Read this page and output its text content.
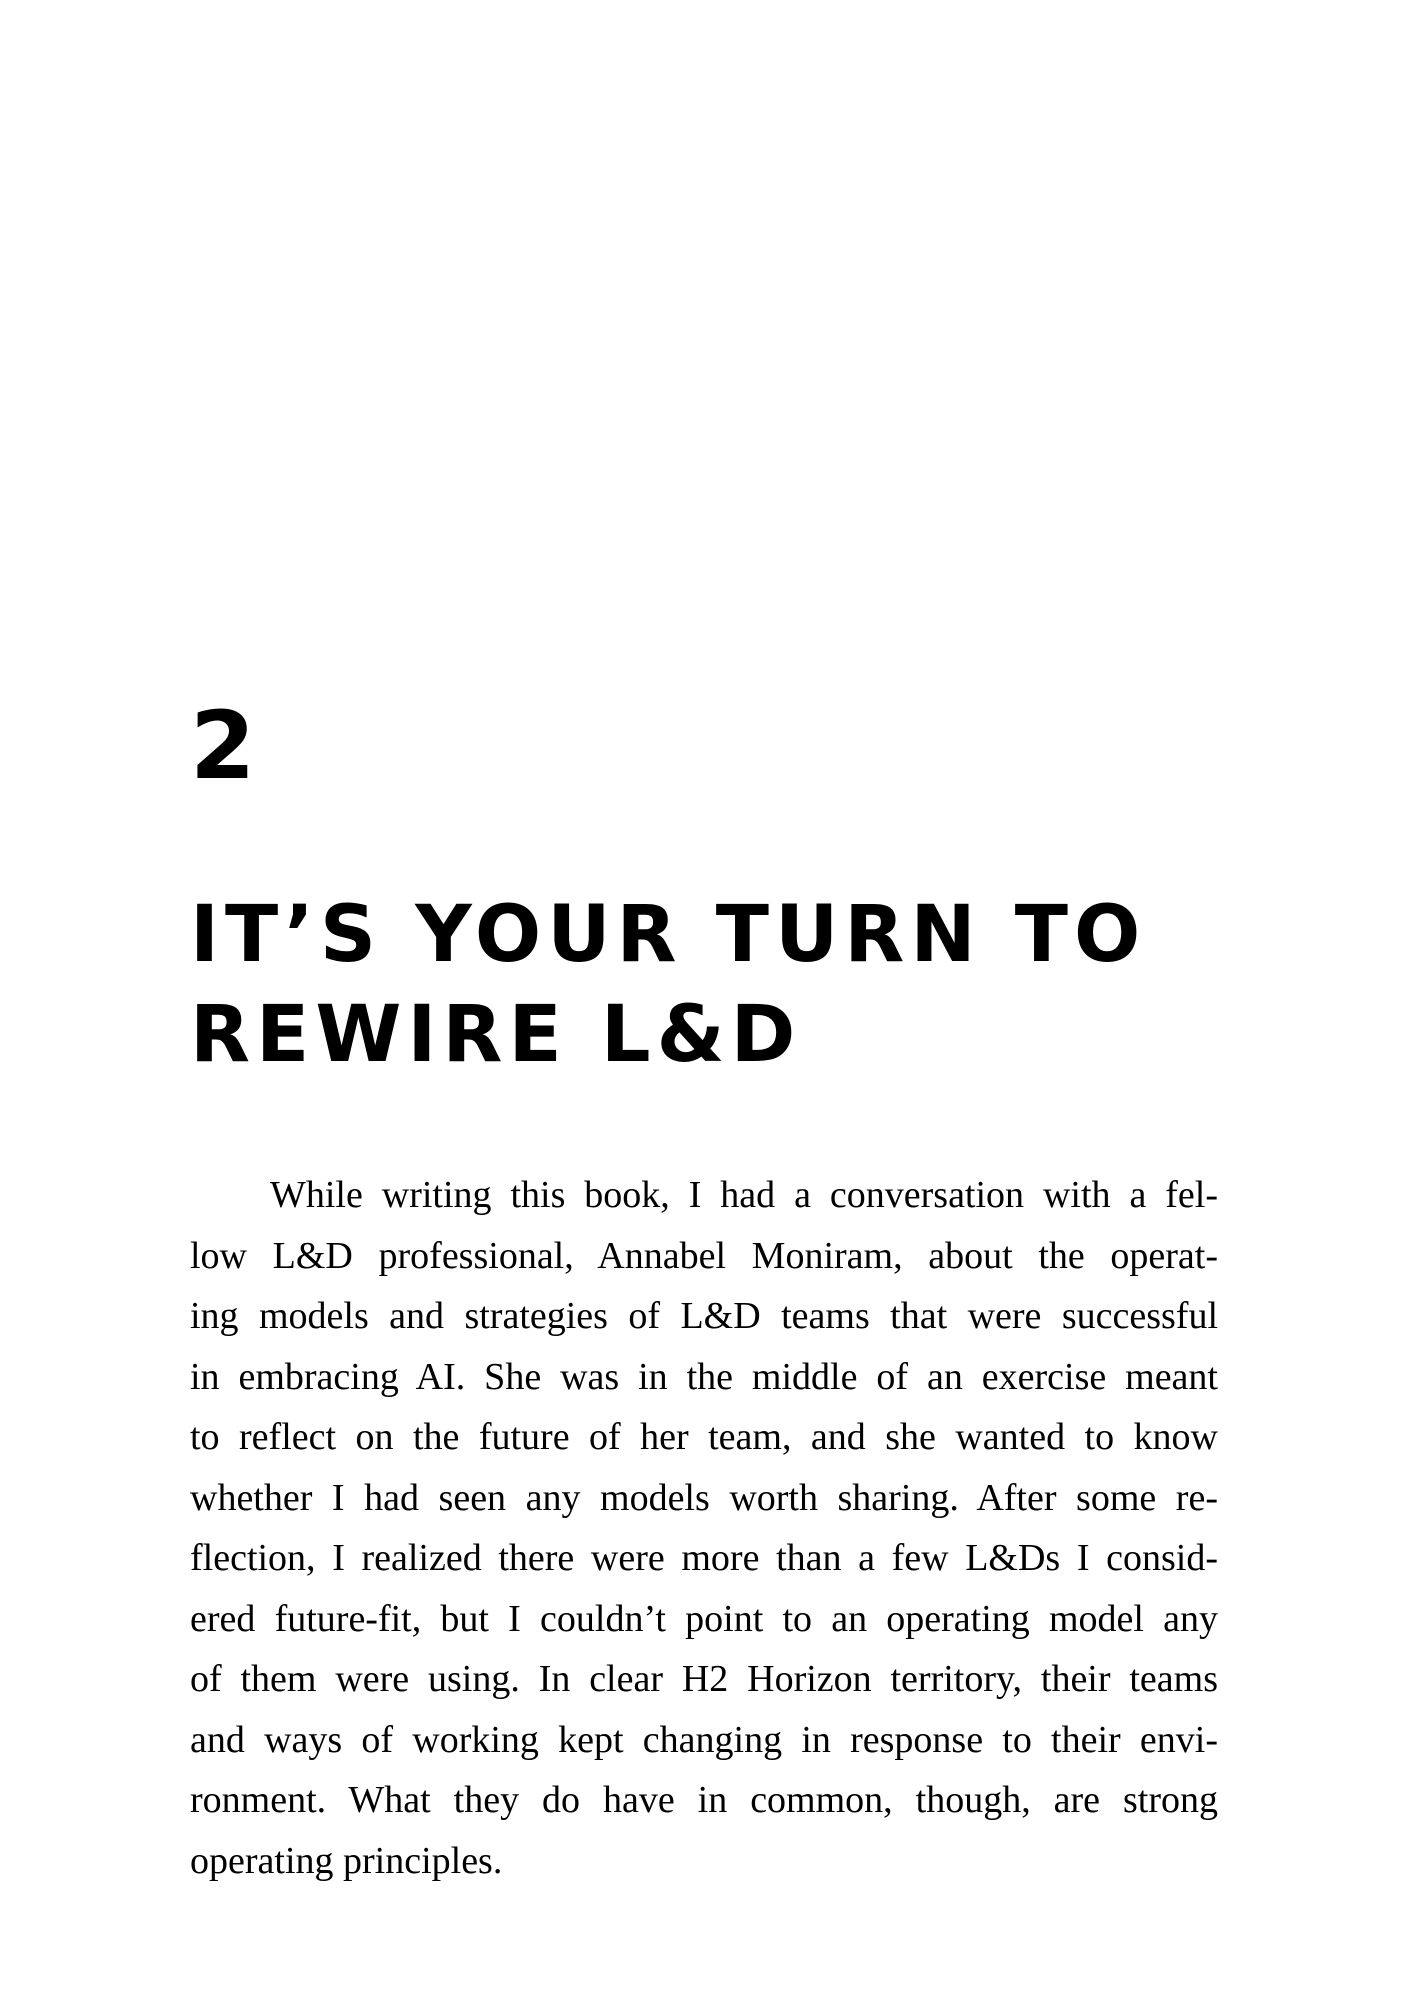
2
IT’S YOUR TURN TO
REWIRE L&D

While writing this book, I had a conversation with a fel-
low L&D professional, Annabel Moniram, about the operat-
ing models and strategies of L&D teams that were successful
in embracing AI. She was in the middle of an exercise meant
to reflect on the future of her team, and she wanted to know
whether I had seen any models worth sharing. After some re-
flection, I realized there were more than a few L&Ds I consid-
ered future-fit, but I couldn’t point to an operating model any
of them were using. In clear H2 Horizon territory, their teams
and ways of working kept changing in response to their envi-
ronment. What they do have in common, though, are strong
operating principles.
